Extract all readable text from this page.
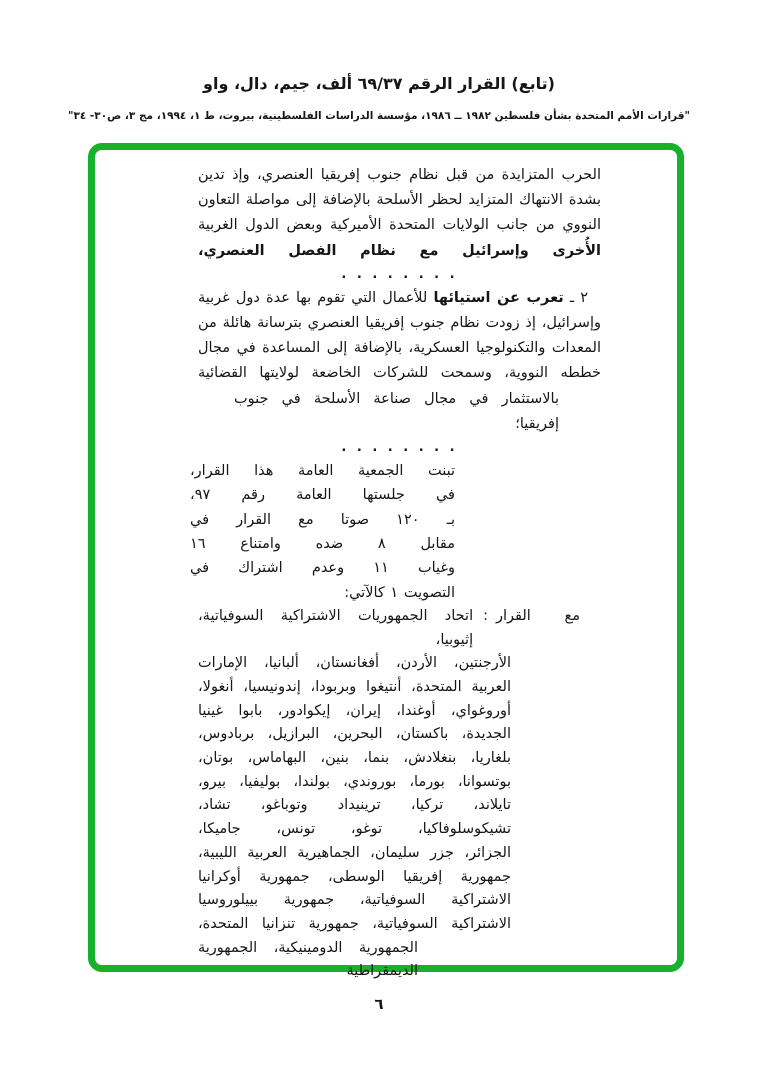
(تابع) القرار الرقم ٦٩/٣٧ ألف، جيم، دال، واو
"قرارات الأمم المتحدة بشأن فلسطين ١٩٨٢ ــ ١٩٨٦، مؤسسة الدراسات الفلسطينية، بيروت، ط ١، ١٩٩٤، مج ٣، ص٣٠- ٣٤"
الحرب المتزايدة من قبل نظام جنوب إفريقيا العنصري، وإذ تدين
بشدة الانتهاك المتزايد لحظر الأسلحة بالإضافة إلى مواصلة التعاون
النووي من جانب الولايات المتحدة الأميركية وبعض الدول الغربية
الأُخرى وإسرائيل مع نظام الفصل العنصري،
. . . . . . . .
٢ ـ تعرب عن استيائها للأعمال التي تقوم بها عدة دول غربية
وإسرائيل، إذ زودت نظام جنوب إفريقيا العنصري بترسانة هائلة من
المعدات والتكنولوجيا العسكرية، بالإضافة إلى المساعدة في مجال
خططه النووية، وسمحت للشركات الخاضعة لولايتها القضائية
بالاستثمار في مجال صناعة الأسلحة في جنوب إفريقيا؛
. . . . . . . .
تبنت الجمعية العامة هذا القرار،
في جلستها العامة رقم ٩٧،
بـ ١٢٠ صوتا مع القرار في
مقابل ٨ ضده وامتناع ١٦
وغياب ١١ وعدم اشتراك في
التصويت ١ كالآتي:
مع القرار
:
اتحاد الجمهوريات الاشتراكية السوفياتية، إثيوبيا،
الأرجنتين، الأردن، أفغانستان، ألبانيا، الإمارات
العربية المتحدة، أنتيغوا وبربودا، إندونيسيا، أنغولا،
أوروغواي، أوغندا، إيران، إيكوادور، بابوا غينيا
الجديدة، باكستان، البحرين، البرازيل، بربادوس،
بلغاريا، بنغلادش، بنما، بنين، البهاماس، بوتان،
بوتسوانا، بورما، بوروندي، بولندا، بوليفيا، بيرو،
تايلاند، تركيا، ترينيداد وتوباغو، تشاد،
تشيكوسلوفاكيا، توغو، تونس، جاميكا،
الجزائر، جزر سليمان، الجماهيرية العربية الليبية،
جمهورية إفريقيا الوسطى، جمهورية أوكرانيا
الاشتراكية السوفياتية، جمهورية بييلوروسيا
الاشتراكية السوفياتية، جمهورية تنزانيا المتحدة،
الجمهورية الدومينيكية، الجمهورية الديمقراطية
٦
